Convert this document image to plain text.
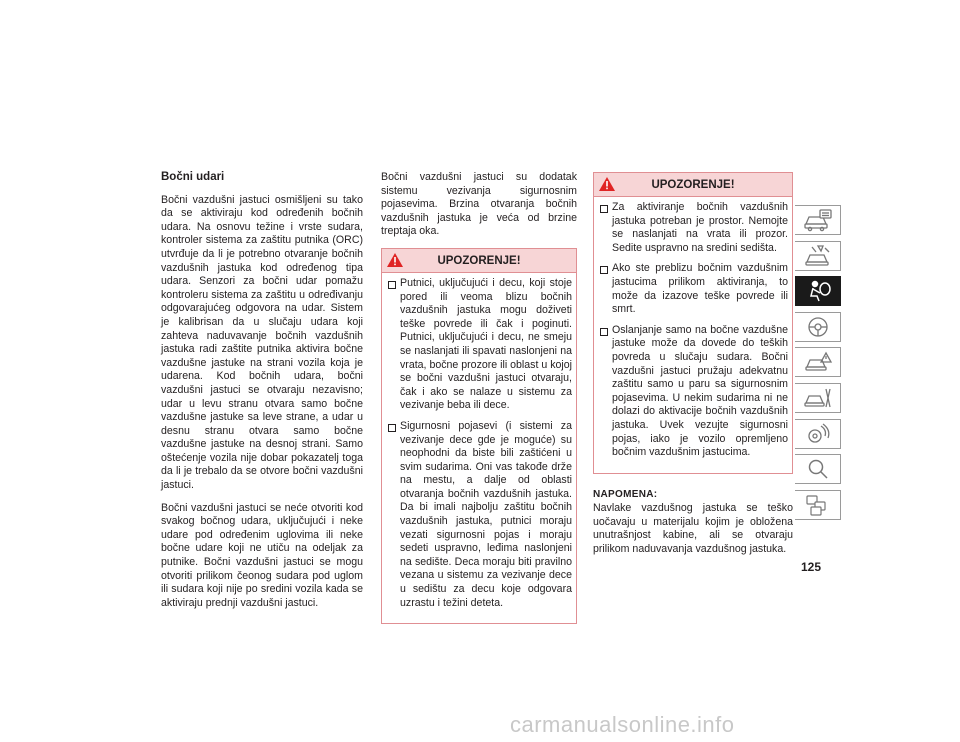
Bočni udari

Bočni vazdušni jastuci osmišljeni su tako da se aktiviraju kod određenih bočnih udara. Na osnovu težine i vrste sudara, kontroler sistema za zaštitu putnika (ORC) utvrđuje da li je potrebno otvaranje bočnih vazdušnih jastuka kod određenog tipa udara. Senzori za bočni udar pomažu kontroleru sistema za zaštitu u određivanju odgovarajućeg odgovora na udar. Sistem je kalibrisan da u slučaju udara koji zahteva naduvavanje bočnih vazdušnih jastuka radi zaštite putnika aktivira bočne vazdušne jastuke na strani vozila koja je udarena. Kod bočnih udara, bočni vazdušni jastuci se otvaraju nezavisno; udar u levu stranu otvara samo bočne vazdušne jastuke sa leve strane, a udar u desnu stranu otvara samo bočne vazdušne jastuke na desnoj strani. Samo oštećenje vozila nije dobar pokazatelj toga da li je trebalo da se otvore bočni vazdušni jastuci.

Bočni vazdušni jastuci se neće otvoriti kod svakog bočnog udara, uključujući i neke udare pod određenim uglovima ili neke bočne udare koji ne utiču na odeljak za putnike. Bočni vazdušni jastuci se mogu otvoriti prilikom čeonog sudara pod uglom ili sudara koji nije po sredini vozila kada se aktiviraju prednji vazdušni jastuci.

Bočni vazdušni jastuci su dodatak sistemu vezivanja sigurnosnim pojasevima. Brzina otvaranja bočnih vazdušnih jastuka je veća od brzine treptaja oka.

UPOZORENJE!
Putnici, uključujući i decu, koji stoje pored ili veoma blizu bočnih vazdušnih jastuka mogu doživeti teške povrede ili čak i poginuti. Putnici, uključujući i decu, ne smeju se naslanjati ili spavati naslonjeni na vrata, bočne prozore ili oblast u kojoj se bočni vazdušni jastuci otvaraju, čak i ako se nalaze u sistemu za vezivanje beba ili dece.
Sigurnosni pojasevi (i sistemi za vezivanje dece gde je moguće) su neophodni da biste bili zaštićeni u svim sudarima. Oni vas takođe drže na mestu, a dalje od oblasti otvaranja bočnih vazdušnih jastuka. Da bi imali najbolju zaštitu bočnih vazdušnih jastuka, putnici moraju vezati sigurnosni pojas i moraju sedeti uspravno, leđima naslonjeni na sedište. Deca moraju biti pravilno vezana u sistemu za vezivanje dece u sedištu za decu koje odgovara uzrastu i težini deteta.
UPOZORENJE!
Za aktiviranje bočnih vazdušnih jastuka potreban je prostor. Nemojte se naslanjati na vrata ili prozor. Sedite uspravno na sredini sedišta.
Ako ste preblizu bočnim vazdušnim jastucima prilikom aktiviranja, to može da izazove teške povrede ili smrt.
Oslanjanje samo na bočne vazdušne jastuke može da dovede do teških povreda u slučaju sudara. Bočni vazdušni jastuci pružaju adekvatnu zaštitu samo u paru sa sigurnosnim pojasevima. U nekim sudarima ni ne dolazi do aktivacije bočnih vazdušnih jastuka. Uvek vezujte sigurnosni pojas, iako je vozilo opremljeno bočnim vazdušnim jastucima.
NAPOMENA:
Navlake vazdušnog jastuka se teško uočavaju u materijalu kojim je obložena unutrašnjost kabine, ali se otvaraju prilikom naduvavanja vazdušnog jastuka.
125
carmanualsonline.info
